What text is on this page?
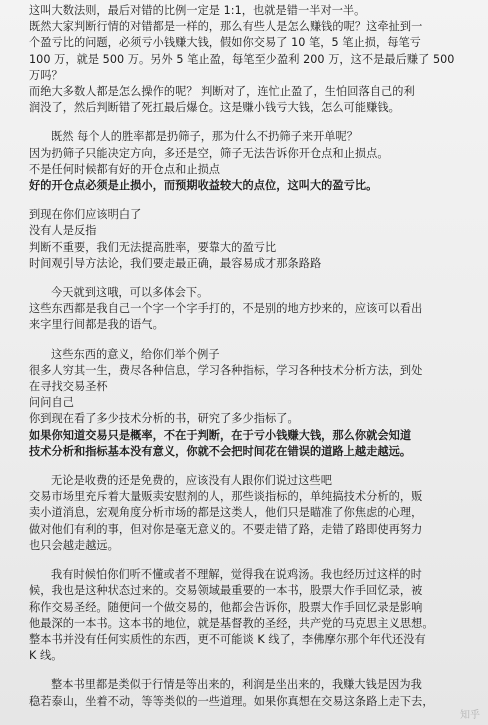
这叫大数法则，最后对错的比例一定是 1:1，也就是错一半对一半。
既然大家判断行情的对错都是一样的，那么有些人是怎么赚钱的呢？这牵扯到一
个盈亏比的问题，必须亏小钱赚大钱，假如你交易了 10 笔，5 笔止损，每笔亏
100 万，就是 500 万。另外 5 笔止盈，每笔至少盈利 200 万，这不是最后赚了 500
万吗？
而绝大多数人都是怎么操作的呢？ 判断对了，连忙止盈了，生怕回落自己的利
润没了，然后判断错了死扛最后爆仓。这是赚小钱亏大钱，怎么可能赚钱。
既然 每个人的胜率都是扔筛子，那为什么不扔筛子来开单呢？
因为扔筛子只能决定方向，多还是空，筛子无法告诉你开仓点和止损点。
不是任何时候都有好的开仓点和止损点
好的开仓点必须是止损小，而预期收益较大的点位，这叫大的盈亏比。
到现在你们应该明白了
没有人是反指
判断不重要，我们无法提高胜率，要靠大的盈亏比
时间观引导方法论，我们要走最正确，最容易成才那条路路
今天就到这哦，可以多体会下。
这些东西都是我自己一个字一个字手打的，不是别的地方抄来的，应该可以看出
来字里行间都是我的语气。
这些东西的意义，给你们举个例子
很多人穷其一生，费尽各种信息，学习各种指标，学习各种技术分析方法，到处
在寻找交易圣杯
问问自己
你到现在看了多少技术分析的书，研究了多少指标了。
如果你知道交易只是概率，不在于判断，在于亏小钱赚大钱，那么你就会知道
技术分析和指标基本没有意义，你就不会把时间花在错误的道路上越走越远。
无论是收费的还是免费的，应该没有人跟你们说过这些吧
交易市场里充斥着大量贩卖安慰剂的人，那些谈指标的，单纯搞技术分析的，贩
卖小道消息，宏观角度分析市场的都是这类人，他们只是瞄准了你焦虑的心理，
做对他们有利的事，但对你是毫无意义的。不要走错了路，走错了路即使再努力
也只会越走越远。
我有时候怕你们听不懂或者不理解，觉得我在说鸡汤。我也经历过这样的时
候，我也是这种状态过来的。交易领域最重要的一本书，股票大作手回忆录，被
称作交易圣经。随便问一个做交易的，他都会告诉你，股票大作手回忆录是影响
他最深的一本书。这本书的地位，就是基督教的圣经，共产党的马克思主义思想。
整本书并没有任何实质性的东西，更不可能谈 K 线了，李佛摩尔那个年代还没有
K 线。
整本书里都是类似于行情是等出来的，利润是坐出来的，我赚大钱是因为我
稳若泰山，坐着不动，等等类似的一些道理。如果你真想在交易这条路上走下去，
知乎
